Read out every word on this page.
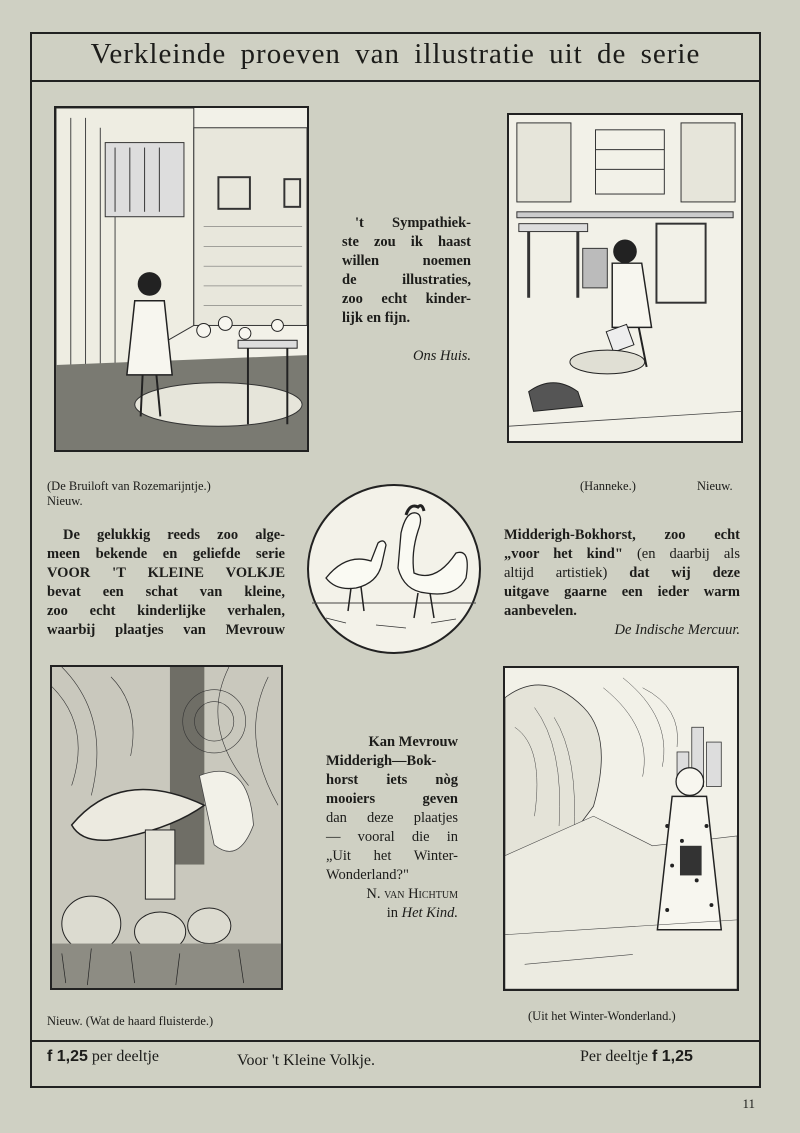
Verkleinde proeven van illustratie uit de serie
't Sympathiek-
ste zou ik haast
willen noemen
de illustraties,
zoo echt kinder-
lijk en fijn.
Ons Huis.
(De Bruiloft van Rozemarijntje.)
Nieuw.
(Hanneke.)	Nieuw.
De gelukkig reeds zoo alge-
meen bekende en geliefde serie
VOOR 'T KLEINE VOLKJE
bevat een schat van kleine,
zoo echt kinderlijke verhalen,
waarbij plaatjes van Mevrouw
Midderigh-Bokhorst, zoo echt
„voor het kind" (en daarbij als
altijd artistiek) dat wij deze
uitgave gaarne een ieder warm
aanbevelen.
De Indische Mercuur.
Kan Mevrouw
Midderigh—Bok-
horst iets nòg
mooiers geven
dan deze plaatjes
— vooral die in
„Uit het Winter-
Wonderland?"
N. van Hichtum
in Het Kind.
Nieuw. (Wat de haard fluisterde.)	(Uit het Winter-Wonderland.)
f 1,25 per deeltje	Voor 't Kleine Volkje.	Per deeltje f 1,25
11
